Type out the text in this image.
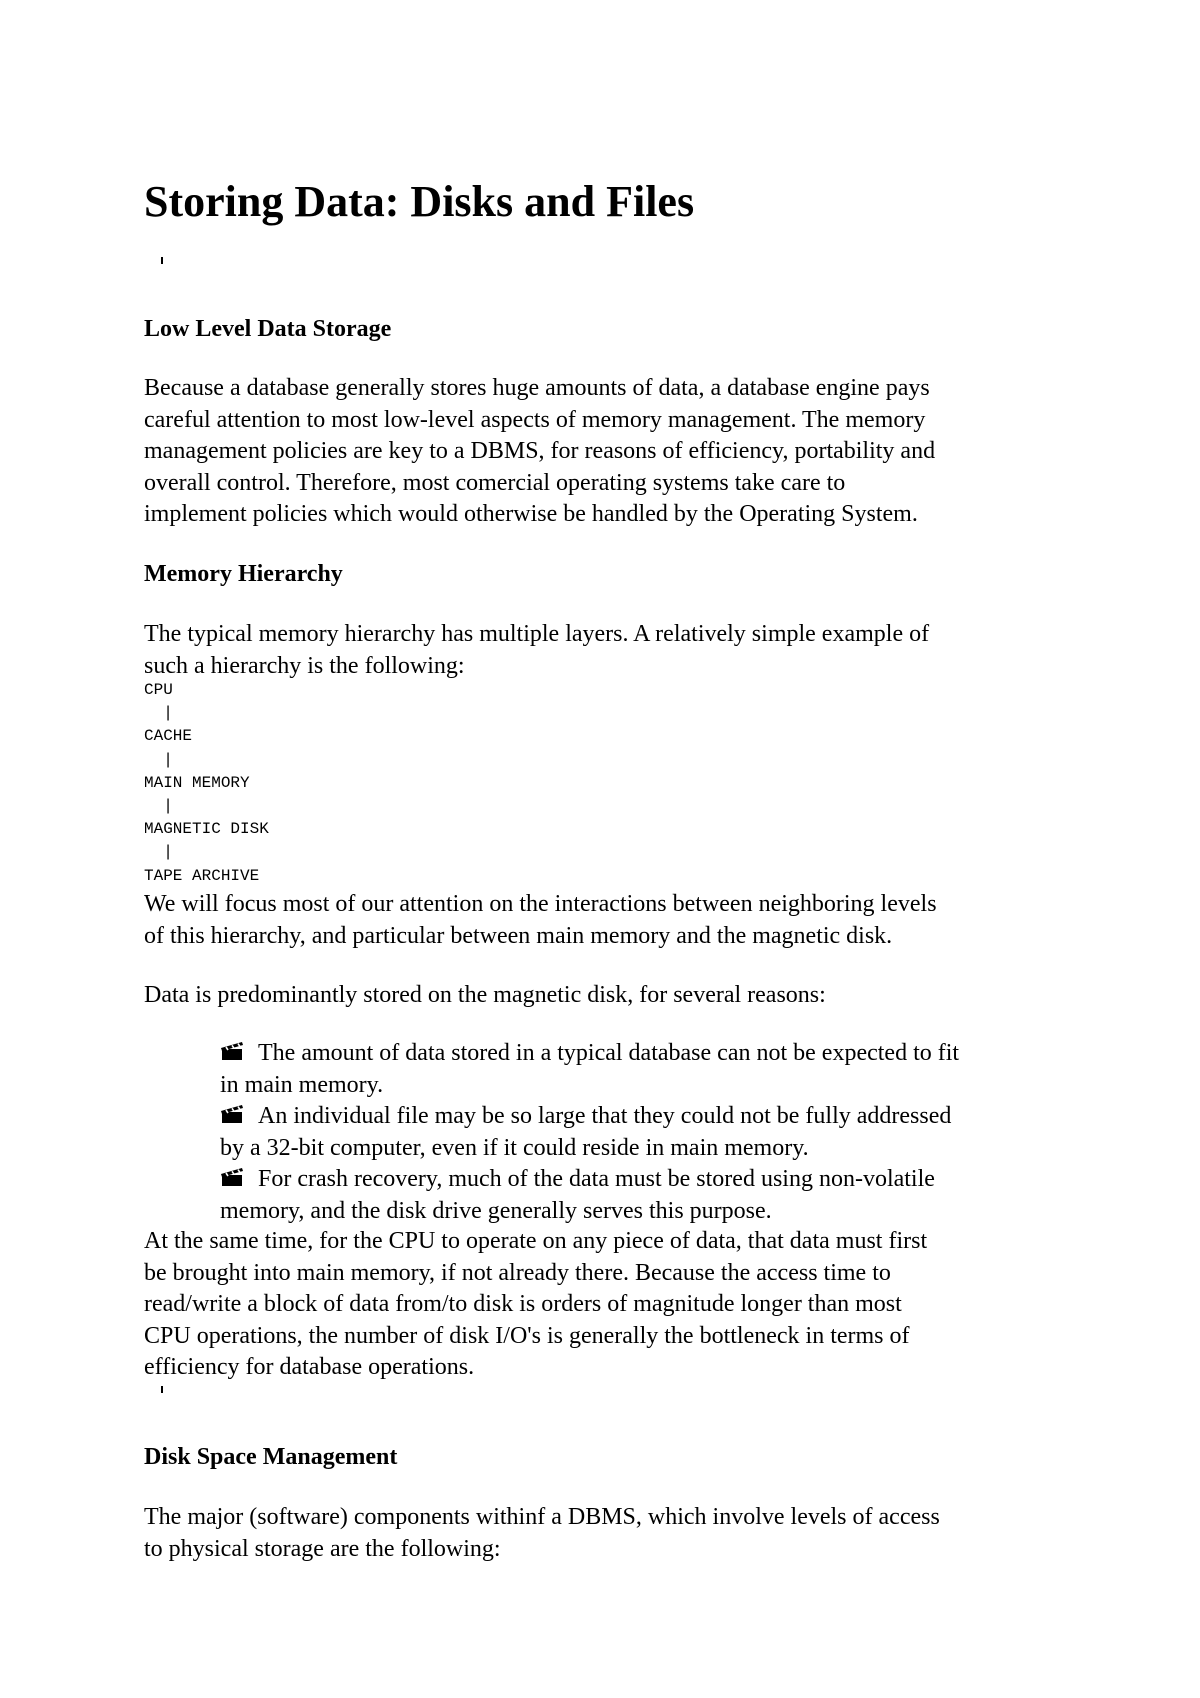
Storing Data: Disks and Files
Low Level Data Storage
Because a database generally stores huge amounts of data, a database engine pays
careful attention to most low-level aspects of memory management. The memory
management policies are key to a DBMS, for reasons of efficiency, portability and
overall control. Therefore, most comercial operating systems take care to
implement policies which would otherwise be handled by the Operating System.
Memory Hierarchy
The typical memory hierarchy has multiple layers. A relatively simple example of
such a hierarchy is the following:
CPU
|
CACHE
|
MAIN MEMORY
|
MAGNETIC DISK
|
TAPE ARCHIVE
We will focus most of our attention on the interactions between neighboring levels
of this hierarchy, and particular between main memory and the magnetic disk.
Data is predominantly stored on the magnetic disk, for several reasons:
The amount of data stored in a typical database can not be expected to fit
in main memory.
An individual file may be so large that they could not be fully addressed
by a 32-bit computer, even if it could reside in main memory.
For crash recovery, much of the data must be stored using non-volatile
memory, and the disk drive generally serves this purpose.
At the same time, for the CPU to operate on any piece of data, that data must first
be brought into main memory, if not already there. Because the access time to
read/write a block of data from/to disk is orders of magnitude longer than most
CPU operations, the number of disk I/O's is generally the bottleneck in terms of
efficiency for database operations.
Disk Space Management
The major (software) components withinf a DBMS, which involve levels of access
to physical storage are the following:
